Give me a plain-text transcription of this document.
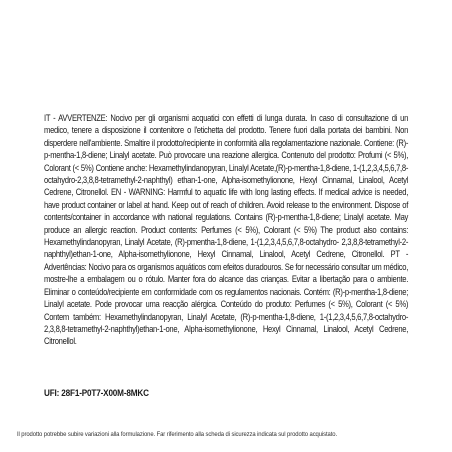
IT - AVVERTENZE: Nocivo per gli organismi acquatici con effetti di lunga durata. In caso di consultazione di un medico, tenere a disposizione il contenitore o l'etichetta del prodotto. Tenere fuori dalla portata dei bambini. Non disperdere nell'ambiente. Smaltire il prodotto/recipiente in conformità alla regolamentazione nazionale. Contiene: (R)-p-mentha-1,8-diene; Linalyl acetate. Può provocare una reazione allergica. Contenuto del prodotto: Profumi (< 5%), Colorant (< 5%) Contiene anche: Hexamethylindanopyran, Linalyl Acetate,(R)-p-mentha-1,8-diene, 1-(1,2,3,4,5,6,7,8-octahydro-2,3,8,8-tetramethyl-2-naphthyl) ethan-1-one, Alpha-isomethylionone, Hexyl Cinnamal, Linalool, Acetyl Cedrene, Citronellol. EN - WARNING: Harmful to aquatic life with long lasting effects. If medical advice is needed, have product container or label at hand. Keep out of reach of children. Avoid release to the environment. Dispose of contents/container in accordance with national regulations. Contains (R)-p-mentha-1,8-diene; Linalyl acetate. May produce an allergic reaction. Product contents: Perfumes (< 5%), Colorant (< 5%) The product also contains: Hexamethylindanopyran, Linalyl Acetate, (R)-pmentha-1,8-diene, 1-(1,2,3,4,5,6,7,8-octahydro- 2,3,8,8-tetramethyl-2-naphthyl)ethan-1-one, Alpha-isomethylionone, Hexyl Cinnamal, Linalool, Acetyl Cedrene, Citronellol. PT - Advertências: Nocivo para os organismos aquáticos com efeitos duradouros. Se for necessário consultar um médico, mostre-lhe a embalagem ou o rótulo. Manter fora do alcance das crianças. Evitar a libertação para o ambiente. Eliminar o conteúdo/recipiente em conformidade com os regulamentos nacionais. Contém: (R)-p-mentha-1,8-diene; Linalyl acetate. Pode provocar uma reacção alérgica. Conteúdo do produto: Perfumes (< 5%), Colorant (< 5%) Contem também: Hexamethylindanopyran, Linalyl Acetate, (R)-p-mentha-1,8-diene, 1-(1,2,3,4,5,6,7,8-octahydro-2,3,8,8-tetramethyl-2-naphthyl)ethan-1-one, Alpha-isomethylionone, Hexyl Cinnamal, Linalool, Acetyl Cedrene, Citronellol.

UFI: 28F1-P0T7-X00M-8MKC
Il prodotto potrebbe subire variazioni alla formulazione. Far riferimento alla scheda di sicurezza indicata sul prodotto acquistato.
